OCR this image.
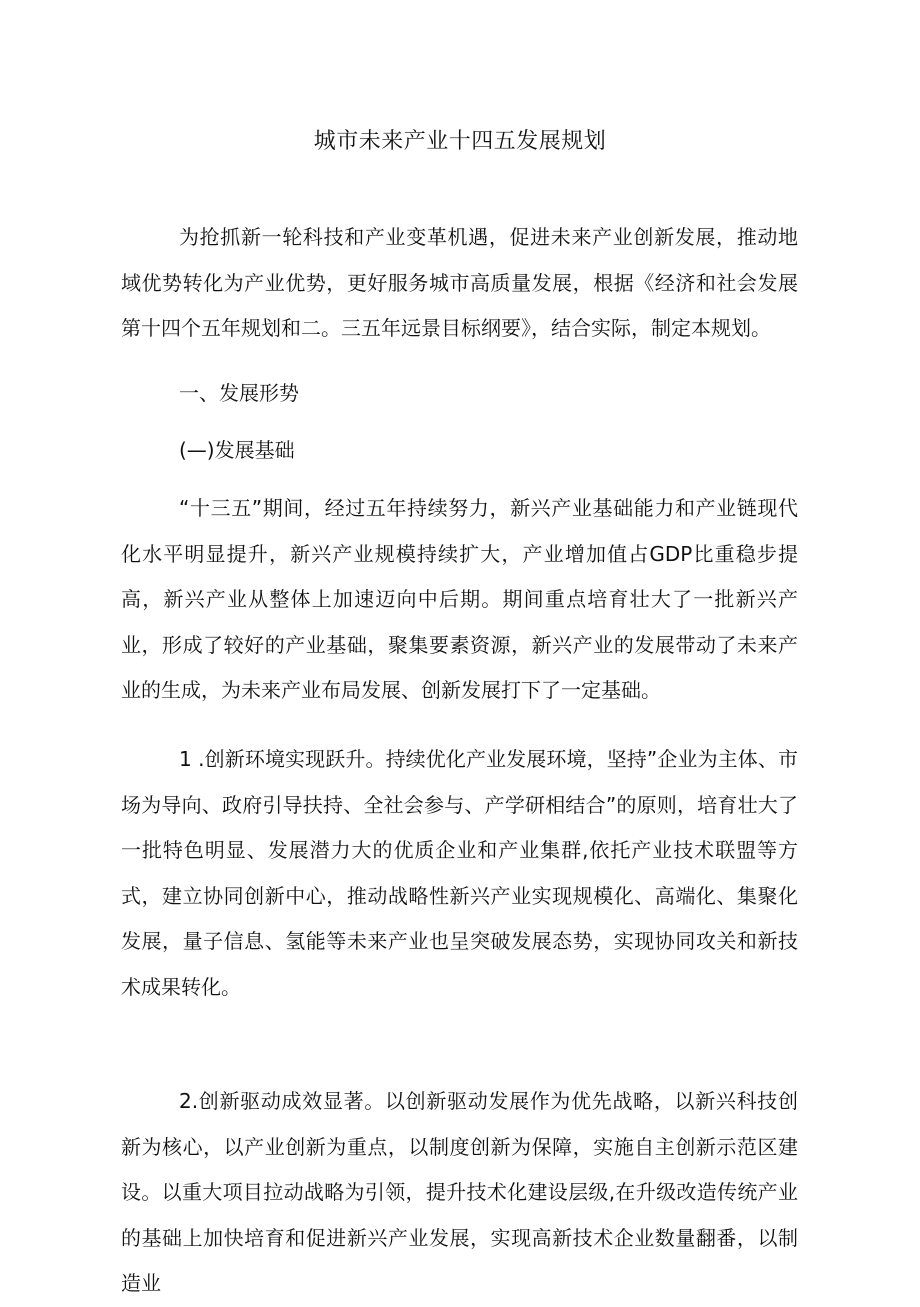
城市未来产业十四五发展规划

为抢抓新一轮科技和产业变革机遇，促进未来产业创新发展，推动地域优势转化为产业优势，更好服务城市高质量发展，根据《经济和社会发展第十四个五年规划和二。三五年远景目标纲要》，结合实际，制定本规划。

一、发展形势

(—)发展基础

“十三五”期间，经过五年持续努力，新兴产业基础能力和产业链现代化水平明显提升，新兴产业规模持续扩大，产业增加值占GDP比重稳步提高，新兴产业从整体上加速迈向中后期。期间重点培育壮大了一批新兴产业，形成了较好的产业基础，聚集要素资源，新兴产业的发展带动了未来产业的生成，为未来产业布局发展、创新发展打下了一定基础。

1 .创新环境实现跃升。持续优化产业发展环境，坚持”企业为主体、市场为导向、政府引导扶持、全社会参与、产学研相结合”的原则，培育壮大了一批特色明显、发展潜力大的优质企业和产业集群,依托产业技术联盟等方式，建立协同创新中心，推动战略性新兴产业实现规模化、高端化、集聚化发展，量子信息、氢能等未来产业也呈突破发展态势，实现协同攻关和新技术成果转化。

2.创新驱动成效显著。以创新驱动发展作为优先战略，以新兴科技创新为核心，以产业创新为重点，以制度创新为保障，实施自主创新示范区建设。以重大项目拉动战略为引领，提升技术化建设层级,在升级改造传统产业的基础上加快培育和促进新兴产业发展，实现高新技术企业数量翻番，以制造业
